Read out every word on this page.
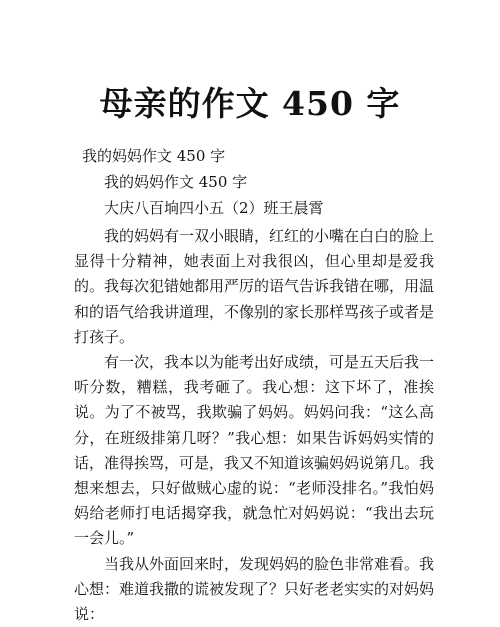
母亲的作文 450 字
我的妈妈作文 450 字
我的妈妈作文 450 字
大庆八百垧四小五（2）班王晨霄

我的妈妈有一双小眼睛，红红的小嘴在白白的脸上显得十分精神，她表面上对我很凶，但心里却是爱我的。我每次犯错她都用严厉的语气告诉我错在哪，用温和的语气给我讲道理，不像别的家长那样骂孩子或者是打孩子。

有一次，我本以为能考出好成绩，可是五天后我一听分数，糟糕，我考砸了。我心想：这下坏了，准挨说。为了不被骂，我欺骗了妈妈。妈妈问我：“这么高分，在班级排第几呀？”我心想：如果告诉妈妈实情的话，准得挨骂，可是，我又不知道该骗妈妈说第几。我想来想去，只好做贼心虚的说：“老师没排名。”我怕妈妈给老师打电话揭穿我，就急忙对妈妈说：“我出去玩一会儿。”

当我从外面回来时，发现妈妈的脸色非常难看。我心想：难道我撒的谎被发现了？只好老老实实的对妈妈说：
